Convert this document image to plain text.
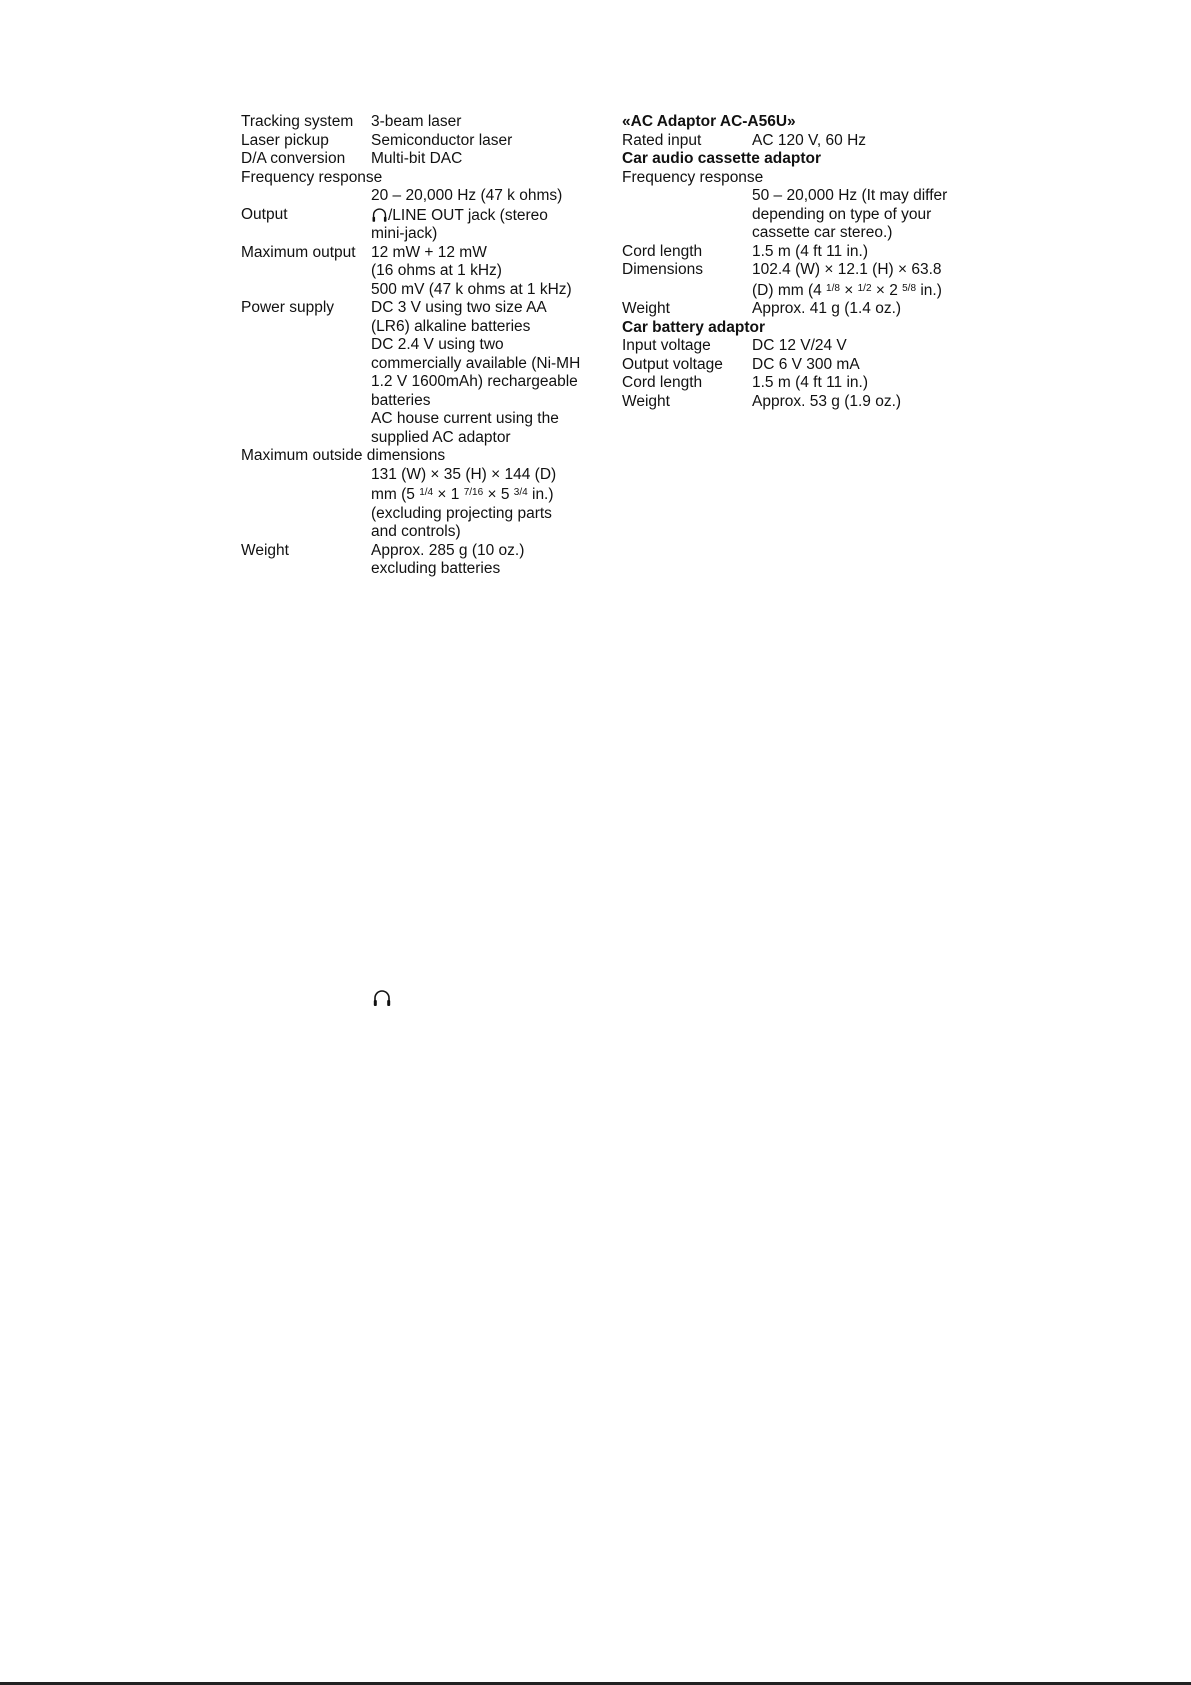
Tracking system 3-beam laser
Laser pickup	Semiconductor laser
D/A conversion Multi-bit DAC
Frequency response
20 – 20,000 Hz (47 k ohms)
Output	/LINE OUT jack (stereo
mini-jack)
Maximum output 12 mW + 12 mW
(16 ohms at 1 kHz)
500 mV (47 k ohms at 1 kHz)
Power supply DC 3 V using two size AA
(LR6) alkaline batteries
DC 2.4 V using two
commercially available (Ni-MH
1.2 V 1600mAh) rechargeable
batteries
AC house current using the
supplied AC adaptor
Maximum outside dimensions
131 (W) × 35 (H) × 144 (D)
mm (5 $^{1/4}$ × 1 $^{7/16}$ × 5 $^{3/4}$ in.)
(excluding projecting parts
and controls)
Weight	Approx. 285 g (10 oz.)
excluding batteries
«AC Adaptor AC-A56U»
Rated input	AC 120 V, 60 Hz
Car audio cassette adaptor
Frequency response
50 – 20,000 Hz (It may differ
depending on type of your
cassette car stereo.)
Cord length	1.5 m (4 ft 11 in.)
Dimensions	102.4 (W) × 12.1 (H) × 63.8
(D) mm (4 $^{1/8}$ × $^{1/2}$ × 2 $^{5/8}$ in.)
Weight	Approx. 41 g (1.4 oz.)
Car battery adaptor
Input voltage	DC 12 V/24 V
Output voltage DC 6 V 300 mA
Cord length	1.5 m (4 ft 11 in.)
Weight	Approx. 53 g (1.9 oz.)
